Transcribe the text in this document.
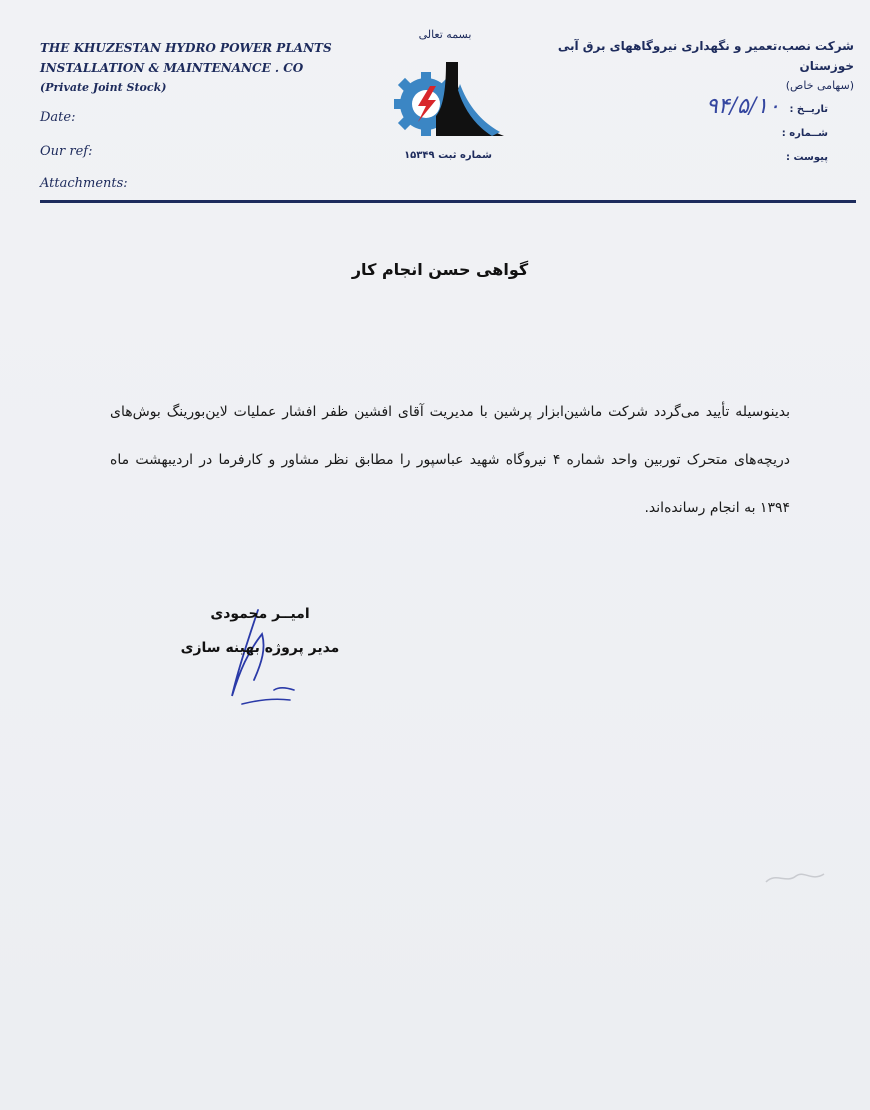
THE KHUZESTAN HYDRO POWER PLANTS
INSTALLATION & MAINTENANCE . CO
(Private Joint Stock)
Date:
Our ref:
Attachments:
بسمه تعالی
شماره ثبت ۱۵۳۴۹
شرکت نصب،تعمیر و نگهداری نیروگاههای برق آبی خوزستان
(سهامی خاص)
تاریــخ :
شــماره :
پیوست :
۹۴/۵/۱۰
گواهی حسن انجام کار

بدینوسیله تأیید می‌گردد شرکت ماشین‌ابزار پرشین با مدیریت آقای افشین ظفر افشار عملیات لاین‌بورینگ بوش‌های دریچه‌های متحرک توربین واحد شماره ۴ نیروگاه شهید عباسپور را مطابق نظر مشاور و کارفرما در اردیبهشت ماه ۱۳۹۴ به انجام رسانده‌اند.

امیــر محمودی
مدیر پروژه بهینه سازی
